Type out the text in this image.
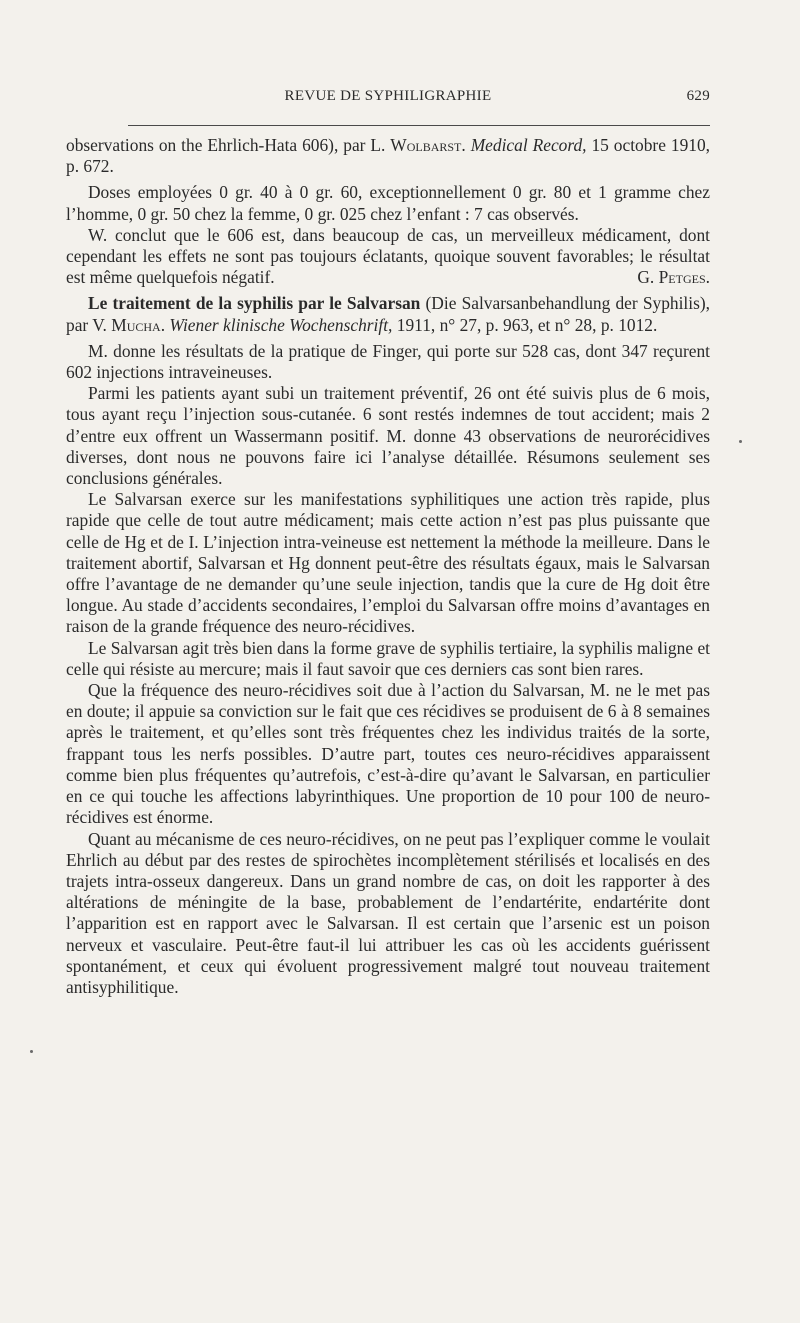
REVUE DE SYPHILIGRAPHIE	629

observations on the Ehrlich-Hata 606), par L. Wolbarst. Medical Record, 15 octobre 1910, p. 672.

Doses employées 0 gr. 40 à 0 gr. 60, exceptionnellement 0 gr. 80 et 1 gramme chez l’homme, 0 gr. 50 chez la femme, 0 gr. 025 chez l’enfant : 7 cas observés.

W. conclut que le 606 est, dans beaucoup de cas, un merveilleux médicament, dont cependant les effets ne sont pas toujours éclatants, quoique souvent favorables; le résultat est même quelquefois négatif.	G. Petges.

Le traitement de la syphilis par le Salvarsan (Die Salvarsanbehandlung der Syphilis), par V. Mucha. Wiener klinische Wochenschrift, 1911, n° 27, p. 963, et n° 28, p. 1012.

M. donne les résultats de la pratique de Finger, qui porte sur 528 cas, dont 347 reçurent 602 injections intraveineuses.

Parmi les patients ayant subi un traitement préventif, 26 ont été suivis plus de 6 mois, tous ayant reçu l’injection sous-cutanée. 6 sont restés indemnes de tout accident; mais 2 d’entre eux offrent un Wassermann positif. M. donne 43 observations de neurorécidives diverses, dont nous ne pouvons faire ici l’analyse détaillée. Résumons seulement ses conclusions générales.

Le Salvarsan exerce sur les manifestations syphilitiques une action très rapide, plus rapide que celle de tout autre médicament; mais cette action n’est pas plus puissante que celle de Hg et de I. L’injection intra-veineuse est nettement la méthode la meilleure. Dans le traitement abortif, Salvarsan et Hg donnent peut-être des résultats égaux, mais le Salvarsan offre l’avantage de ne demander qu’une seule injection, tandis que la cure de Hg doit être longue. Au stade d’accidents secondaires, l’emploi du Salvarsan offre moins d’avantages en raison de la grande fréquence des neuro-récidives.

Le Salvarsan agit très bien dans la forme grave de syphilis tertiaire, la syphilis maligne et celle qui résiste au mercure; mais il faut savoir que ces derniers cas sont bien rares.

Que la fréquence des neuro-récidives soit due à l’action du Salvarsan, M. ne le met pas en doute; il appuie sa conviction sur le fait que ces récidives se produisent de 6 à 8 semaines après le traitement, et qu’elles sont très fréquentes chez les individus traités de la sorte, frappant tous les nerfs possibles. D’autre part, toutes ces neuro-récidives apparaissent comme bien plus fréquentes qu’autrefois, c’est-à-dire qu’avant le Salvarsan, en particulier en ce qui touche les affections labyrinthiques. Une proportion de 10 pour 100 de neuro-récidives est énorme.

Quant au mécanisme de ces neuro-récidives, on ne peut pas l’expliquer comme le voulait Ehrlich au début par des restes de spirochètes incomplètement stérilisés et localisés en des trajets intra-osseux dangereux. Dans un grand nombre de cas, on doit les rapporter à des altérations de méningite de la base, probablement de l’endartérite, endartérite dont l’apparition est en rapport avec le Salvarsan. Il est certain que l’arsenic est un poison nerveux et vasculaire. Peut-être faut-il lui attribuer les cas où les accidents guérissent spontanément, et ceux qui évoluent progressivement malgré tout nouveau traitement antisyphilitique.
